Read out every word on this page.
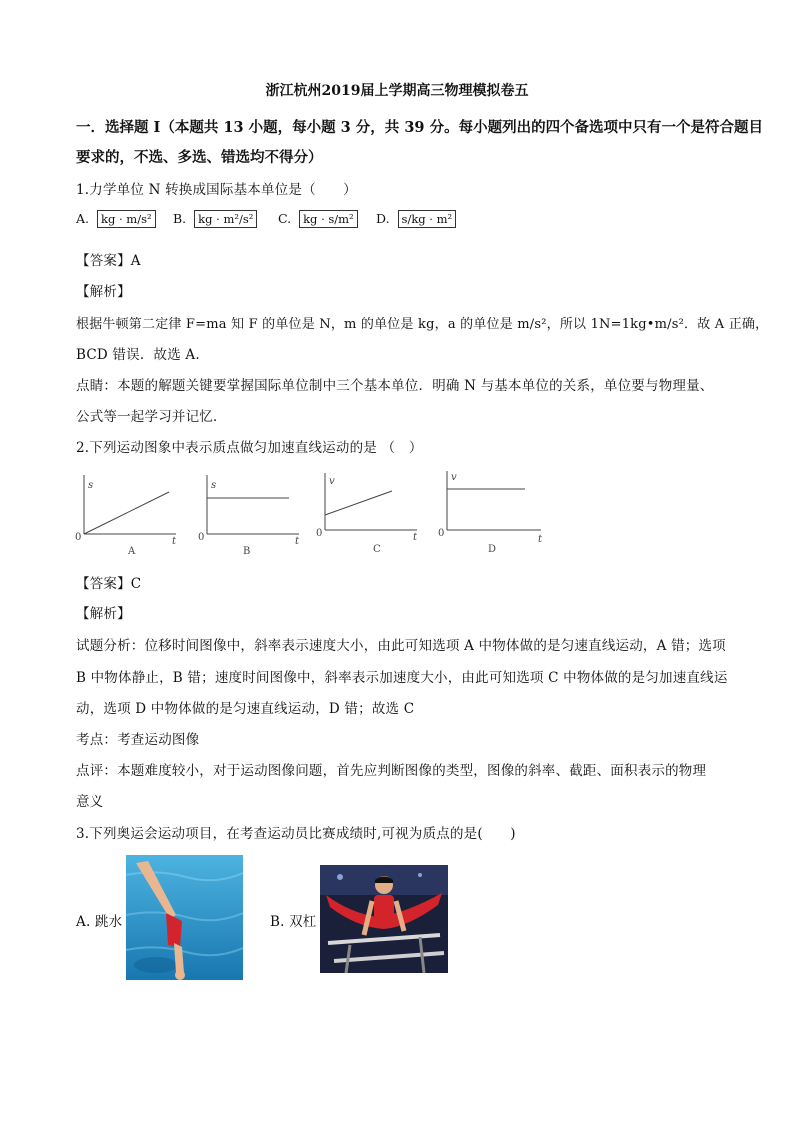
浙江杭州2019届上学期高三物理模拟卷五
一．选择题 I（本题共 13 小题，每小题 3 分，共 39 分。每小题列出的四个备选项中只有一个是符合题目
要求的，不选、多选、错选均不得分）
1.力学单位 N 转换成国际基本单位是（　　）
A. kg · m/s²	B. kg · m²/s²	C. kg · s/m²	D. s/kg · m²
【答案】A
【解析】
根据牛顿第二定律 F=ma 知 F 的单位是 N，m 的单位是 kg，a 的单位是 m/s²，所以 1N=1kg•m/s²．故 A 正确，
BCD 错误．故选 A.
点睛：本题的解题关键要掌握国际单位制中三个基本单位．明确 N 与基本单位的关系，单位要与物理量、
公式等一起学习并记忆．
2.下列运动图象中表示质点做匀加速直线运动的是 （　）
s
t
0
A
s
t
0
B
v
t
0
C
v
t
0
D
【答案】C
【解析】
试题分析：位移时间图像中，斜率表示速度大小，由此可知选项 A 中物体做的是匀速直线运动，A 错；选项
B 中物体静止，B 错；速度时间图像中，斜率表示加速度大小，由此可知选项 C 中物体做的是匀加速直线运
动，选项 D 中物体做的是匀速直线运动，D 错；故选 C
考点：考查运动图像
点评：本题难度较小，对于运动图像问题，首先应判断图像的类型，图像的斜率、截距、面积表示的物理
意义
3.下列奥运会运动项目，在考查运动员比赛成绩时,可视为质点的是(　　)
A. 跳水	B. 双杠
